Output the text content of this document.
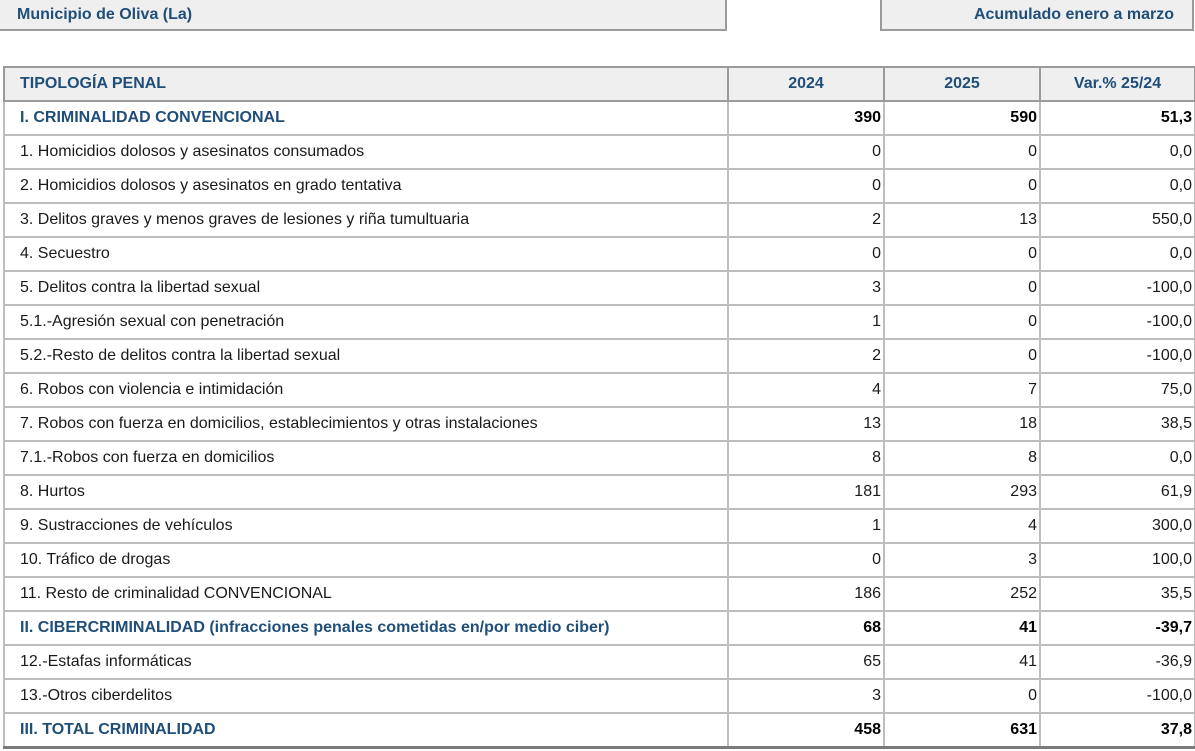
Municipio de Oliva (La)	Acumulado enero a marzo
TIPOLOGÍA PENAL	2024	2025	Var.% 25/24
I. CRIMINALIDAD CONVENCIONAL	390	590	51,3
1. Homicidios dolosos y asesinatos consumados	0	0	0,0
2. Homicidios dolosos y asesinatos en grado tentativa	0	0	0,0
3. Delitos graves y menos graves de lesiones y riña tumultuaria	2	13	550,0
4. Secuestro	0	0	0,0
5. Delitos contra la libertad sexual	3	0	-100,0
5.1.-Agresión sexual con penetración	1	0	-100,0
5.2.-Resto de delitos contra la libertad sexual	2	0	-100,0
6. Robos con violencia e intimidación	4	7	75,0
7. Robos con fuerza en domicilios, establecimientos y otras instalaciones	13	18	38,5
7.1.-Robos con fuerza en domicilios	8	8	0,0
8. Hurtos	181	293	61,9
9. Sustracciones de vehículos	1	4	300,0
10. Tráfico de drogas	0	3	100,0
11. Resto de criminalidad CONVENCIONAL	186	252	35,5
II. CIBERCRIMINALIDAD (infracciones penales cometidas en/por medio ciber)	68	41	-39,7
12.-Estafas informáticas	65	41	-36,9
13.-Otros ciberdelitos	3	0	-100,0
III. TOTAL CRIMINALIDAD	458	631	37,8
